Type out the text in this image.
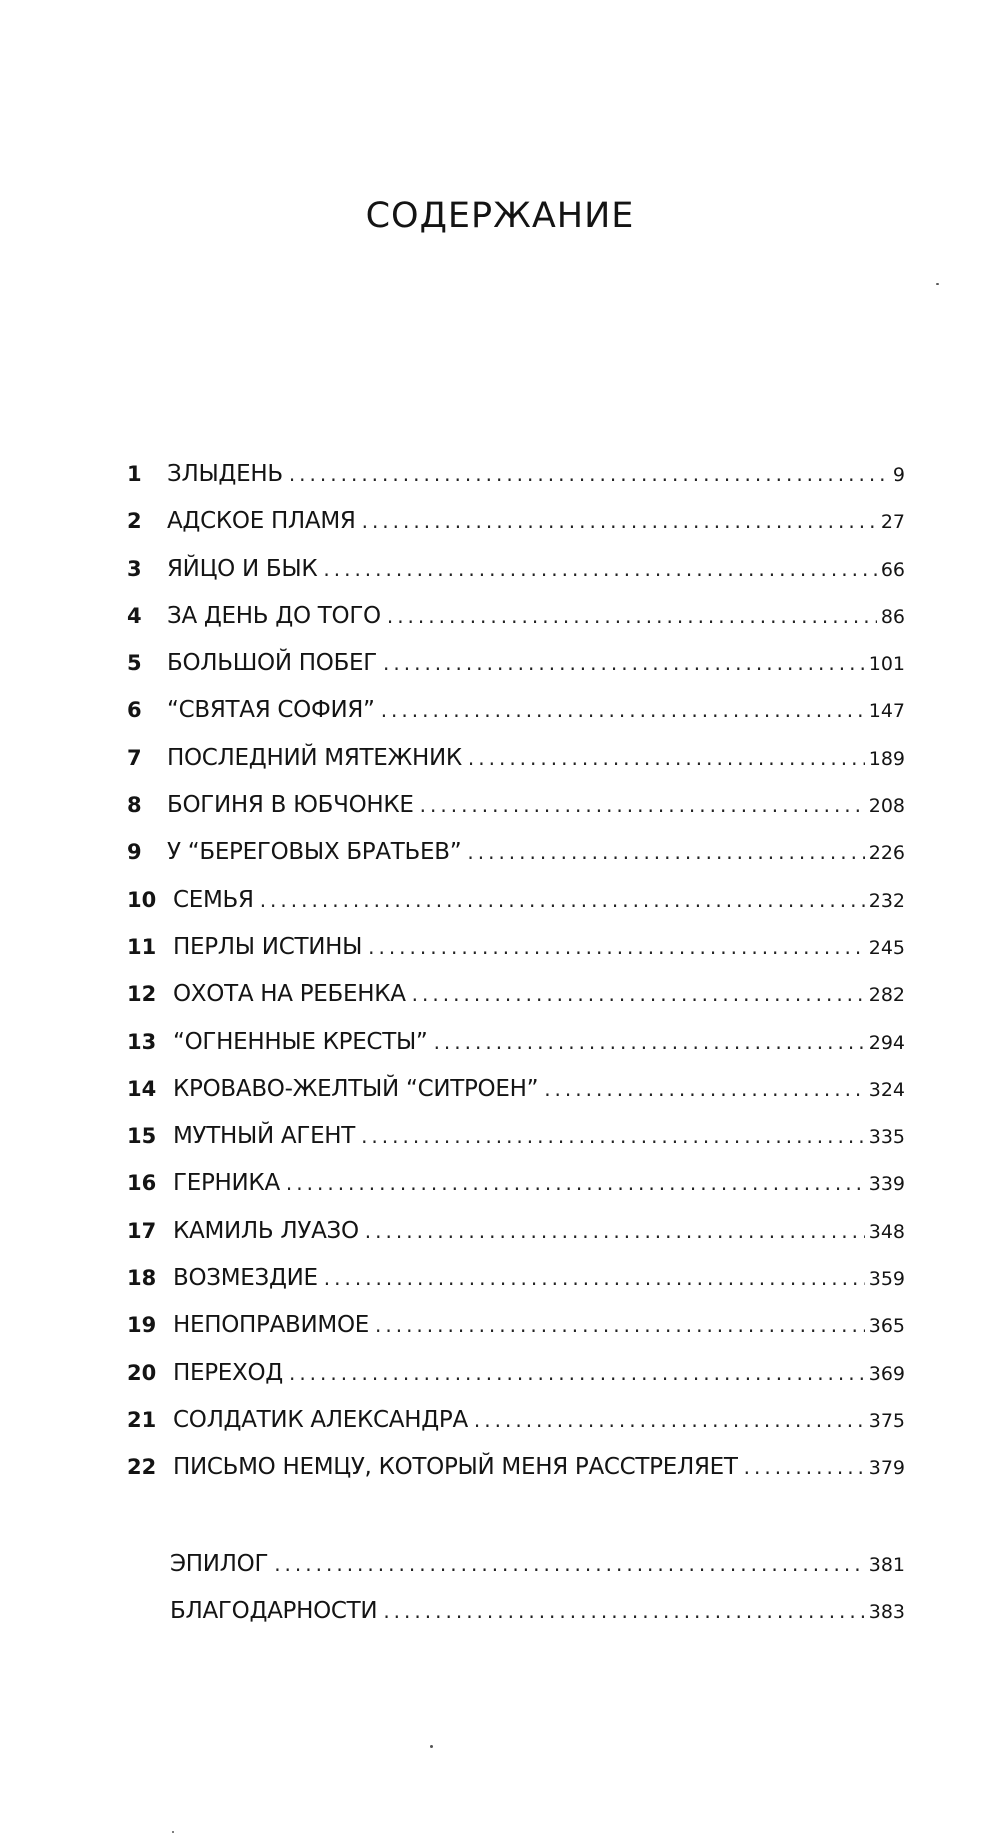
СОДЕРЖАНИЕ
1	ЗЛЫДЕНЬ .....	9
2	АДСКОЕ ПЛАМЯ .....	27
3	ЯЙЦО И БЫК .....	66
4	ЗА ДЕНЬ ДО ТОГО .....	86
5	БОЛЬШОЙ ПОБЕГ .....	101
6	“СВЯТАЯ СОФИЯ” .....	147
7	ПОСЛЕДНИЙ МЯТЕЖНИК .....	189
8	БОГИНЯ В ЮБЧОНКЕ .....	208
9	У “БЕРЕГОВЫХ БРАТЬЕВ” .....	226
10 СЕМЬЯ .....	232
11 ПЕРЛЫ ИСТИНЫ .....	245
12 ОХОТА НА РЕБЕНКА .....	282
13 “ОГНЕННЫЕ КРЕСТЫ” .....	294
14 КРОВАВО-ЖЕЛТЫЙ “СИТРОЕН” .....	324
15 МУТНЫЙ АГЕНТ .....	335
16 ГЕРНИКА .....	339
17 КАМИЛЬ ЛУАЗО .....	348
18 ВОЗМЕЗДИЕ .....	359
19 НЕПОПРАВИМОЕ .....	365
20 ПЕРЕХОД .....	369
21 СОЛДАТИК АЛЕКСАНДРА .....	375
22 ПИСЬМО НЕМЦУ, КОТОРЫЙ МЕНЯ РАССТРЕЛЯЕТ .....	379
ЭПИЛОГ .....	381
БЛАГОДАРНОСТИ .....	383
